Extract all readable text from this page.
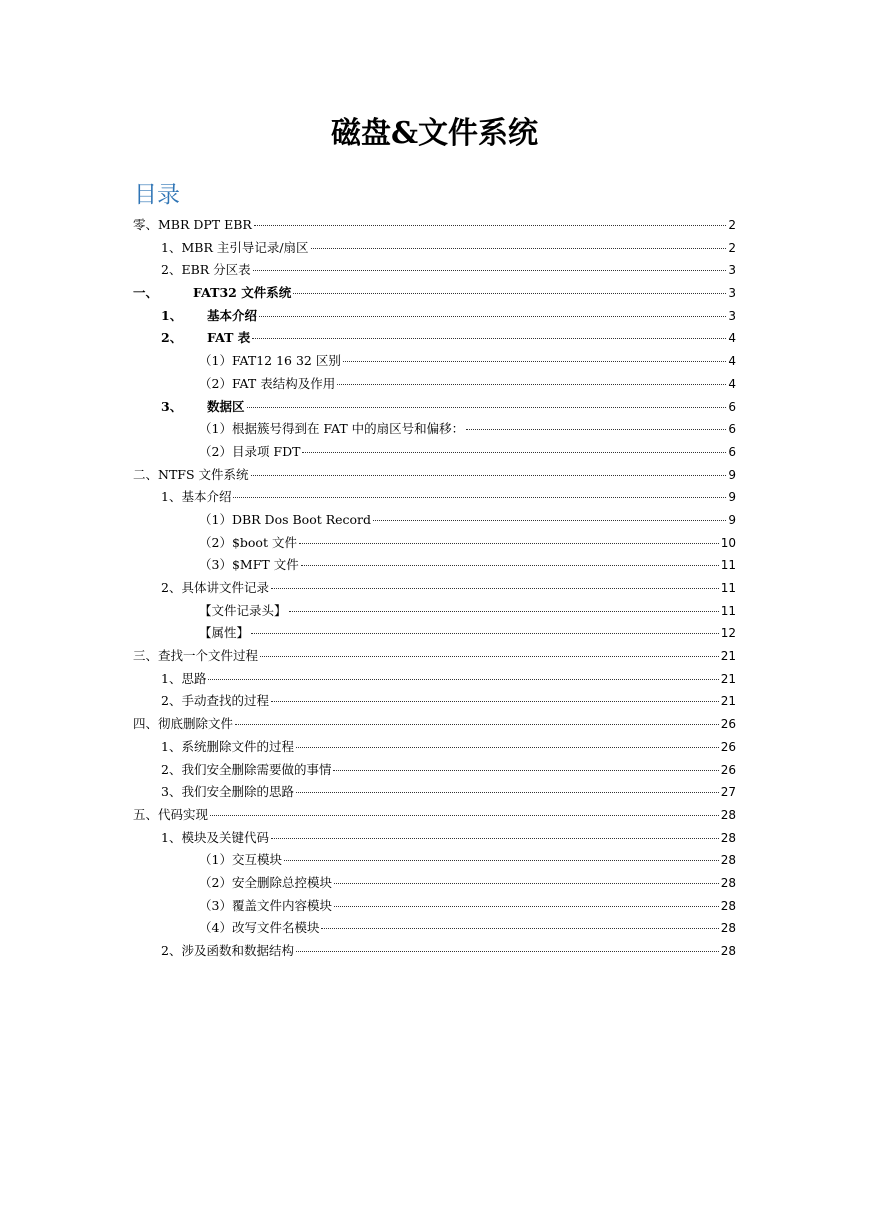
磁盘&文件系统
目录
零、MBR DPT EBR	2
1、MBR 主引导记录/扇区	2
2、EBR 分区表	3
一、	FAT32 文件系统	3
1、 基本介绍	3
2、 FAT 表	4
（1）FAT12 16 32 区别	4
（2）FAT 表结构及作用	4
3、 数据区	6
（1）根据簇号得到在 FAT 中的扇区号和偏移：	6
（2）目录项 FDT	6
二、NTFS 文件系统	9
1、基本介绍	9
（1）DBR Dos Boot Record	9
（2）$boot 文件	10
（3）$MFT 文件	11
2、具体讲文件记录	11
【文件记录头】	11
【属性】	12
三、查找一个文件过程	21
1、思路	21
2、手动查找的过程	21
四、彻底删除文件	26
1、系统删除文件的过程	26
2、我们安全删除需要做的事情	26
3、我们安全删除的思路	27
五、代码实现	28
1、模块及关键代码	28
（1）交互模块	28
（2）安全删除总控模块	28
（3）覆盖文件内容模块	28
（4）改写文件名模块	28
2、涉及函数和数据结构	28
